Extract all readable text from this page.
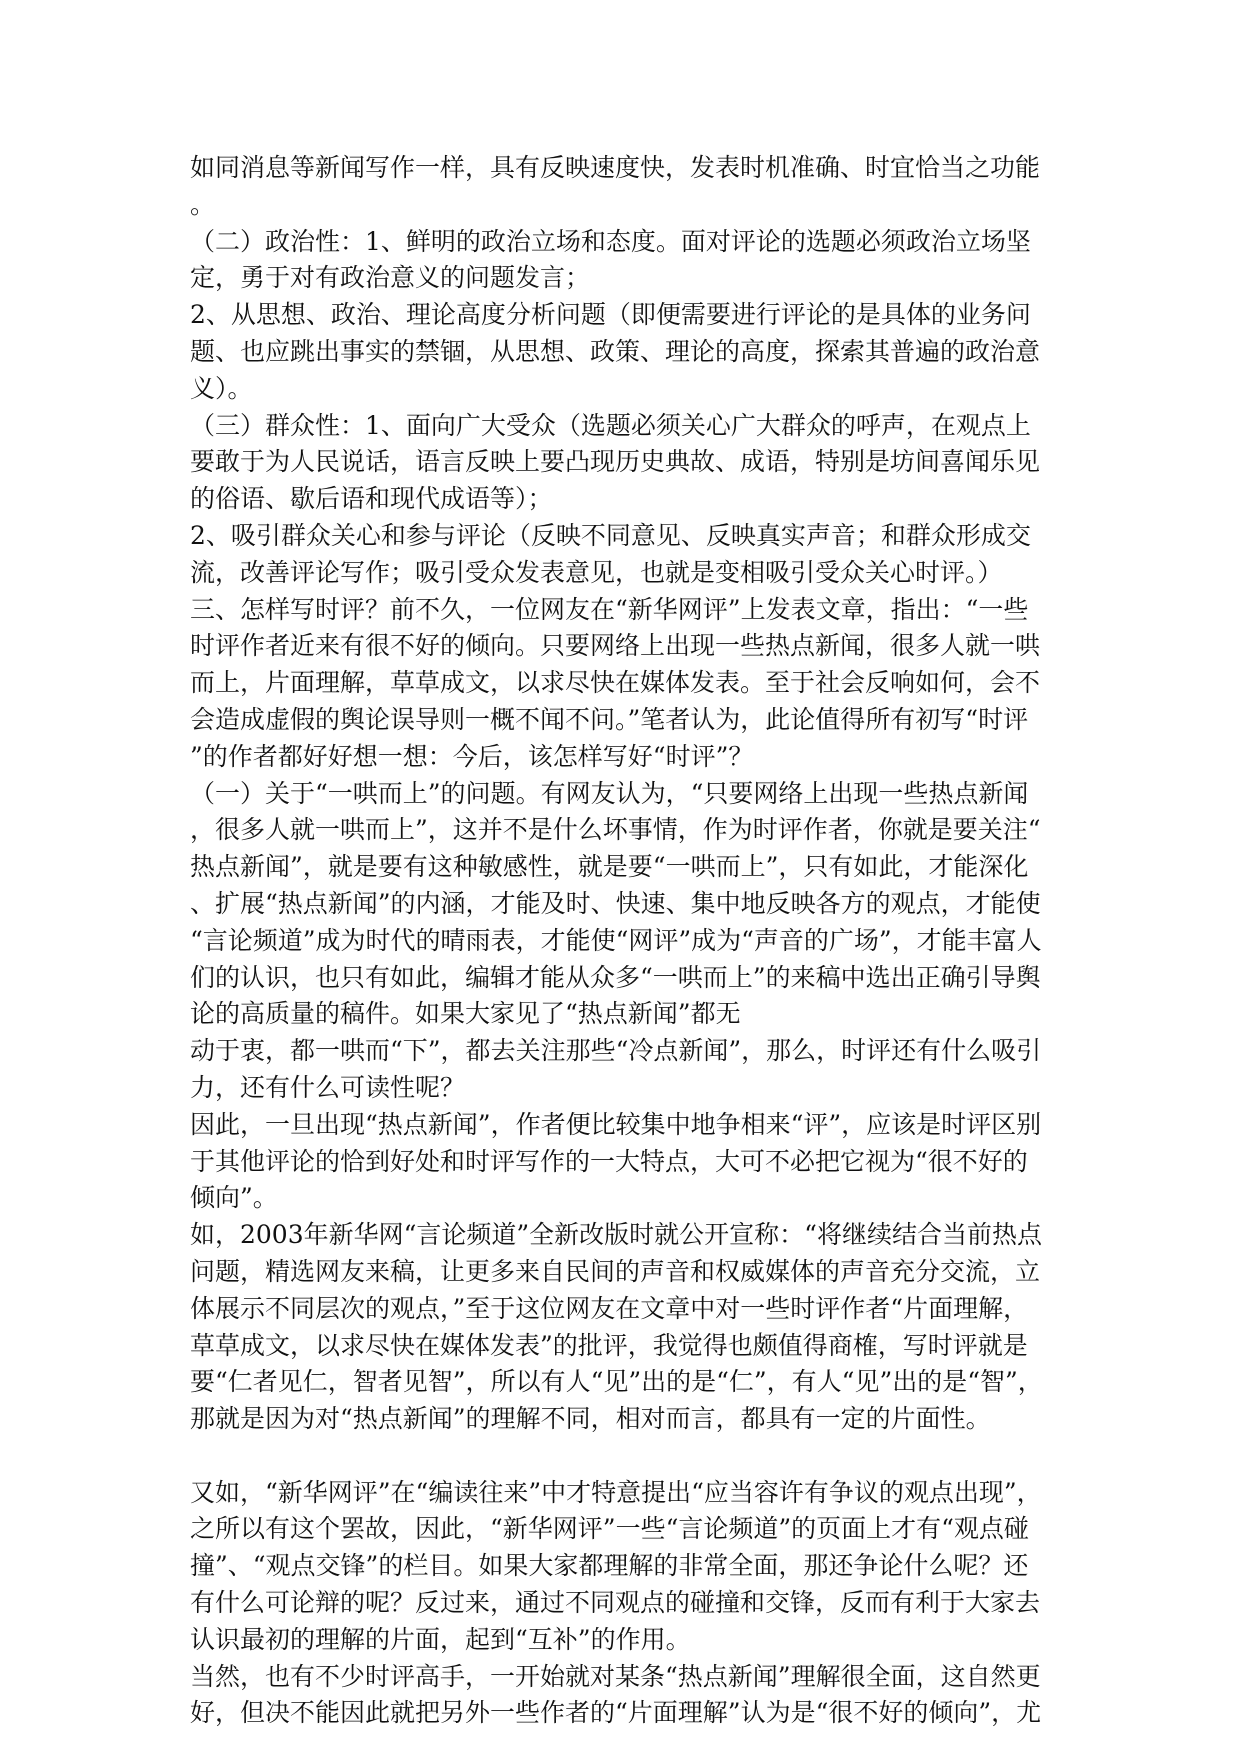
如同消息等新闻写作一样，具有反映速度快，发表时机准确、时宜恰当之功能
。
（二）政治性：1、鲜明的政治立场和态度。面对评论的选题必须政治立场坚
定，勇于对有政治意义的问题发言；
2、从思想、政治、理论高度分析问题（即便需要进行评论的是具体的业务问
题、也应跳出事实的禁锢，从思想、政策、理论的高度，探索其普遍的政治意
义）。
（三）群众性：1、面向广大受众（选题必须关心广大群众的呼声，在观点上
要敢于为人民说话，语言反映上要凸现历史典故、成语，特别是坊间喜闻乐见
的俗语、歇后语和现代成语等）；
2、吸引群众关心和参与评论（反映不同意见、反映真实声音；和群众形成交
流，改善评论写作；吸引受众发表意见，也就是变相吸引受众关心时评。）
三、怎样写时评？前不久，一位网友在“新华网评”上发表文章，指出：“一些
时评作者近来有很不好的倾向。只要网络上出现一些热点新闻，很多人就一哄
而上，片面理解，草草成文，以求尽快在媒体发表。至于社会反响如何，会不
会造成虚假的舆论误导则一概不闻不问。”笔者认为，此论值得所有初写“时评
”的作者都好好想一想：今后，该怎样写好“时评”？
（一）关于“一哄而上”的问题。有网友认为，“只要网络上出现一些热点新闻
，很多人就一哄而上”，这并不是什么坏事情，作为时评作者，你就是要关注“
热点新闻”，就是要有这种敏感性，就是要“一哄而上”，只有如此，才能深化
、扩展“热点新闻”的内涵，才能及时、快速、集中地反映各方的观点，才能使
“言论频道”成为时代的晴雨表，才能使“网评”成为“声音的广场”，才能丰富人
们的认识，也只有如此，编辑才能从众多“一哄而上”的来稿中选出正确引导舆
论的高质量的稿件。如果大家见了“热点新闻”都无
动于衷，都一哄而“下”，都去关注那些“冷点新闻”，那么，时评还有什么吸引
力，还有什么可读性呢？
因此，一旦出现“热点新闻”，作者便比较集中地争相来“评”，应该是时评区别
于其他评论的恰到好处和时评写作的一大特点，大可不必把它视为“很不好的
倾向”。
如，2003年新华网“言论频道”全新改版时就公开宣称：“将继续结合当前热点
问题，精选网友来稿，让更多来自民间的声音和权威媒体的声音充分交流，立
体展示不同层次的观点，”至于这位网友在文章中对一些时评作者“片面理解，
草草成文，以求尽快在媒体发表”的批评，我觉得也颇值得商榷，写时评就是
要“仁者见仁，智者见智”，所以有人“见”出的是“仁”，有人“见”出的是“智”，
那就是因为对“热点新闻”的理解不同，相对而言，都具有一定的片面性。
又如，“新华网评”在“编读往来”中才特意提出“应当容许有争议的观点出现”，
之所以有这个罢故，因此，“新华网评”一些“言论频道”的页面上才有“观点碰
撞”、“观点交锋”的栏目。如果大家都理解的非常全面，那还争论什么呢？还
有什么可论辩的呢？反过来，通过不同观点的碰撞和交锋，反而有利于大家去
认识最初的理解的片面，起到“互补”的作用。
当然，也有不少时评高手，一开始就对某条“热点新闻”理解很全面，这自然更
好，但决不能因此就把另外一些作者的“片面理解”认为是“很不好的倾向”，尤
